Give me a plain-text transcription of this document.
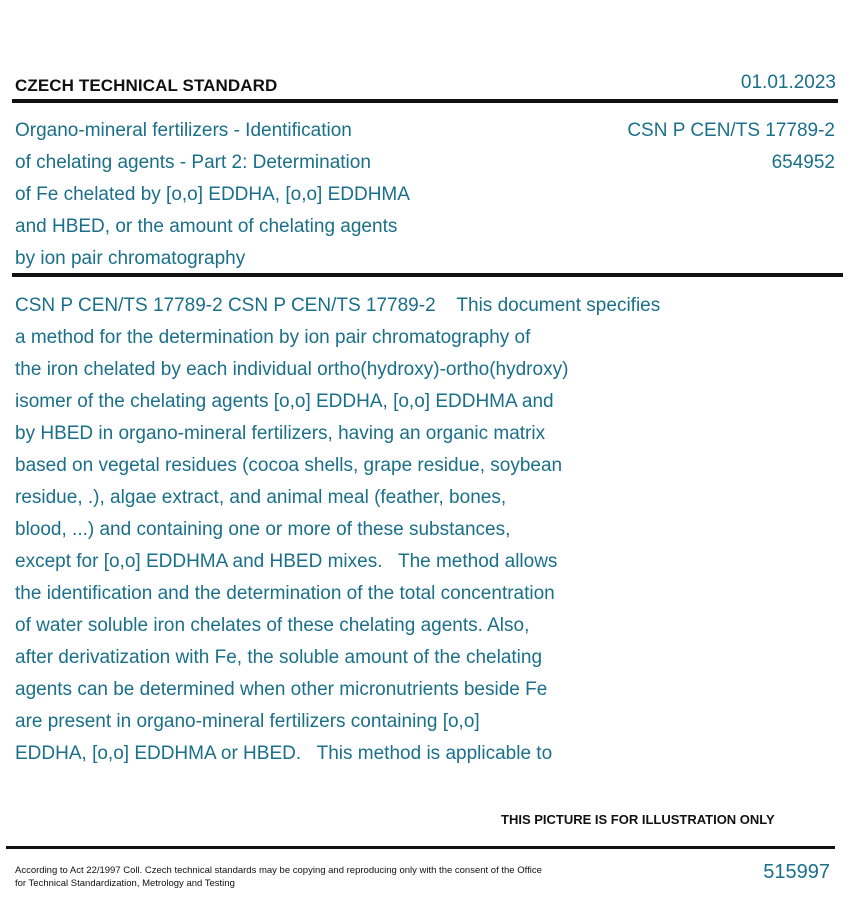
CZECH TECHNICAL STANDARD	01.01.2023
Organo-mineral fertilizers - Identification
of chelating agents - Part 2: Determination
of Fe chelated by [o,o] EDDHA, [o,o] EDDHMA
and HBED, or the amount of chelating agents
by ion pair chromatography
CSN P CEN/TS 17789-2
654952
CSN P CEN/TS 17789-2 CSN P CEN/TS 17789-2    This document specifies
a method for the determination by ion pair chromatography of
the iron chelated by each individual ortho(hydroxy)-ortho(hydroxy)
isomer of the chelating agents [o,o] EDDHA, [o,o] EDDHMA and
by HBED in organo-mineral fertilizers, having an organic matrix
based on vegetal residues (cocoa shells, grape residue, soybean
residue, .), algae extract, and animal meal (feather, bones,
blood, ...) and containing one or more of these substances,
except for [o,o] EDDHMA and HBED mixes.   The method allows
the identification and the determination of the total concentration
of water soluble iron chelates of these chelating agents. Also,
after derivatization with Fe, the soluble amount of the chelating
agents can be determined when other micronutrients beside Fe
are present in organo-mineral fertilizers containing [o,o]
EDDHA, [o,o] EDDHMA or HBED.   This method is applicable to
THIS PICTURE IS FOR ILLUSTRATION ONLY
According to Act 22/1997 Coll. Czech technical standards may be copying and reproducing only with the consent of the Office
for Technical Standardization, Metrology and Testing
515997
